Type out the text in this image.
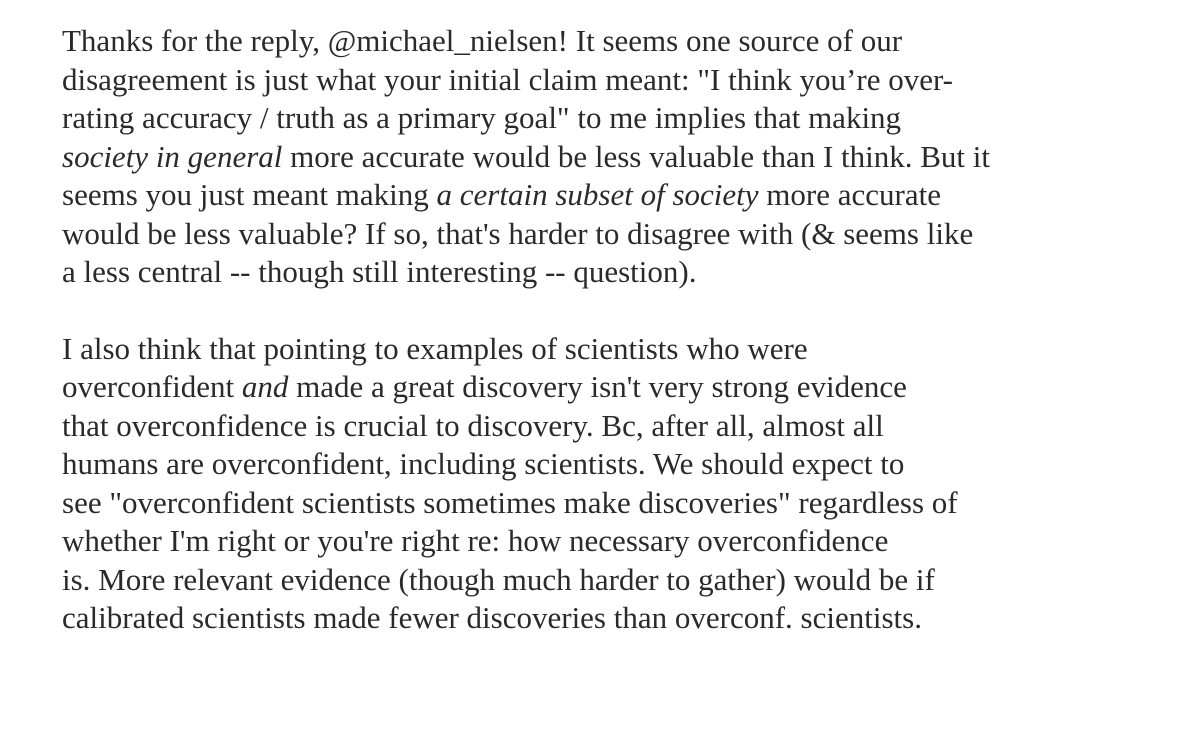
Thanks for the reply, @michael_nielsen! It seems one source of our
disagreement is just what your initial claim meant: "I think you’re over-
rating accuracy / truth as a primary goal" to me implies that making
society in general more accurate would be less valuable than I think. But it
seems you just meant making a certain subset of society more accurate
would be less valuable? If so, that's harder to disagree with (& seems like
a less central -- though still interesting -- question).

I also think that pointing to examples of scientists who were
overconfident and made a great discovery isn't very strong evidence
that overconfidence is crucial to discovery. Bc, after all, almost all
humans are overconfident, including scientists. We should expect to
see "overconfident scientists sometimes make discoveries" regardless of
whether I'm right or you're right re: how necessary overconfidence
is. More relevant evidence (though much harder to gather) would be if
calibrated scientists made fewer discoveries than overconf. scientists.
